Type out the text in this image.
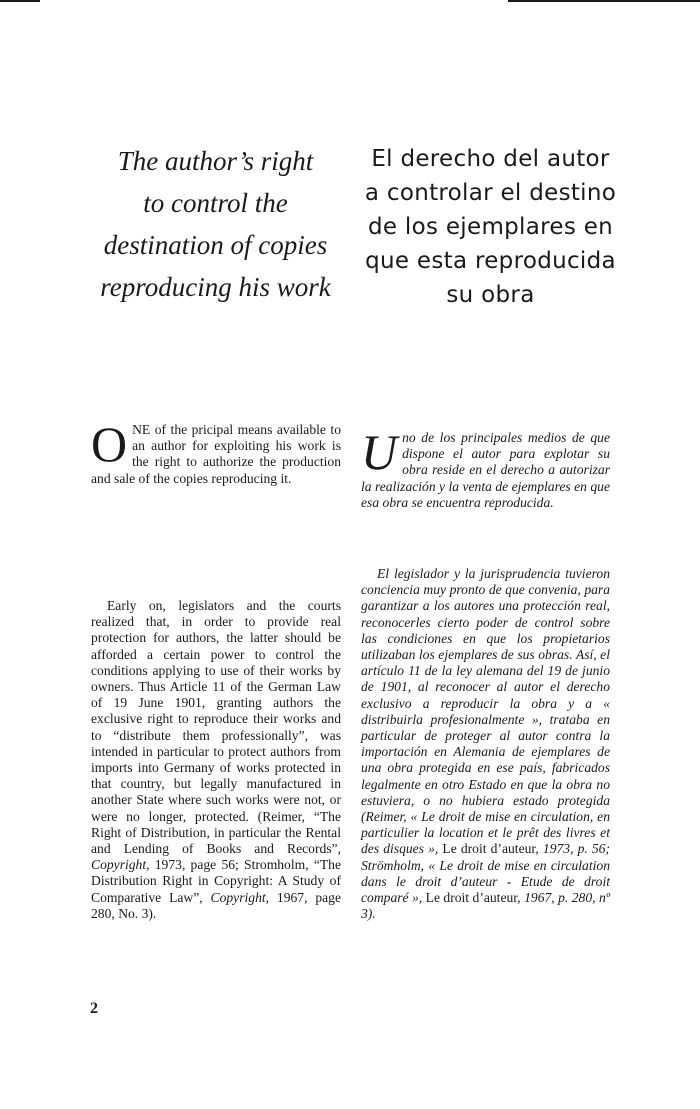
The author’s right
to control the
destination of copies
reproducing his work
El derecho del autor
a controlar el destino
de los ejemplares en
que esta reproducida
su obra

ONE of the pricipal means available to an author for exploiting his work is the right to authorize the production and sale of the copies reproducing it.	Uno de los principales medios de que dispone el autor para explotar su obra reside en el derecho a autorizar la realización y la venta de ejemplares en que esa obra se encuentra reproducida.

Early on, legislators and the courts realized that, in order to provide real protection for authors, the latter should be afforded a certain power to control the conditions applying to use of their works by owners. Thus Article 11 of the German Law of 19 June 1901, granting authors the exclusive right to reproduce their works and to “distribute them professionally”, was intended in particular to protect authors from imports into Germany of works protected in that country, but legally manufactured in another State where such works were not, or were no longer, protected. (Reimer, “The Right of Distribution, in particular the Rental and Lending of Books and Records”, Copyright, 1973, page 56; Stromholm, “The Distribution Right in Copyright: A Study of Comparative Law”, Copyright, 1967, page 280, No. 3).

El legislador y la jurisprudencia tuvieron conciencia muy pronto de que convenia, para garantizar a los autores una protección real, reconocerles cierto poder de control sobre las condiciones en que los propietarios utilizaban los ejemplares de sus obras. Así, el artículo 11 de la ley alemana del 19 de junio de 1901, al reconocer al autor el derecho exclusivo a reproducir la obra y a « distribuirla profesionalmente », trataba en particular de proteger al autor contra la importación en Alemania de ejemplares de una obra protegida en ese país, fabricados legalmente en otro Estado en que la obra no estuviera, o no hubiera estado protegida (Reimer, « Le droit de mise en circulation, en particulier la location et le prêt des livres et des disques », Le droit d’auteur, 1973, p. 56; Strömholm, « Le droit de mise en circulation dans le droit d’auteur - Etude de droit comparé », Le droit d’auteur, 1967, p. 280, nº 3).

2
